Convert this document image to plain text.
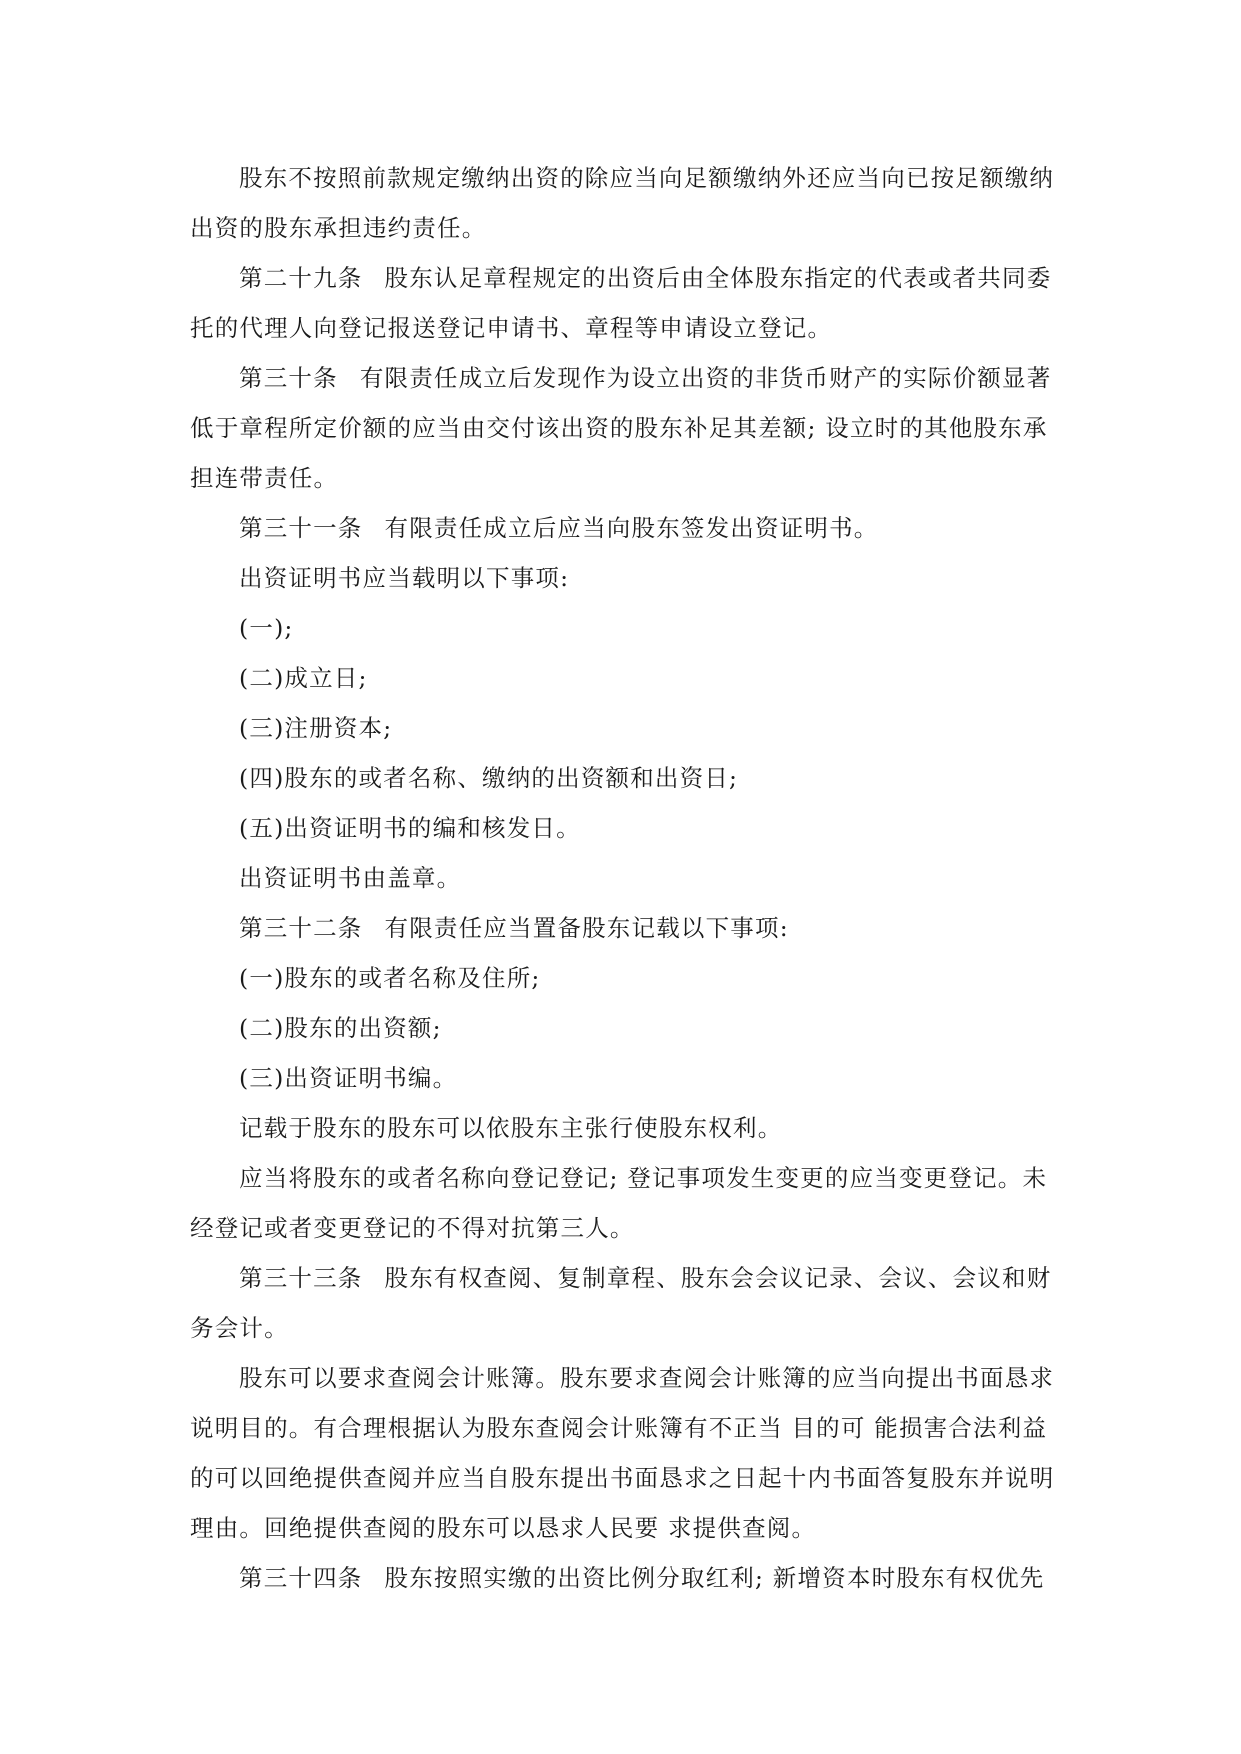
股东不按照前款规定缴纳出资的除应当向足额缴纳外还应当向已按足额缴纳出资的股东承担违约责任。

第二十九条 股东认足章程规定的出资后由全体股东指定的代表或者共同委托的代理人向登记报送登记申请书、章程等申请设立登记。

第三十条 有限责任成立后发现作为设立出资的非货币财产的实际价额显著低于章程所定价额的应当由交付该出资的股东补足其差额; 设立时的其他股东承担连带责任。

第三十一条 有限责任成立后应当向股东签发出资证明书。

出资证明书应当载明以下事项:

(一);

(二)成立日;

(三)注册资本;

(四)股东的或者名称、缴纳的出资额和出资日;

(五)出资证明书的编和核发日。

出资证明书由盖章。

第三十二条 有限责任应当置备股东记载以下事项:

(一)股东的或者名称及住所;

(二)股东的出资额;

(三)出资证明书编。

记载于股东的股东可以依股东主张行使股东权利。

应当将股东的或者名称向登记登记; 登记事项发生变更的应当变更登记。未经登记或者变更登记的不得对抗第三人。

第三十三条 股东有权查阅、复制章程、股东会会议记录、会议、会议和财务会计。

股东可以要求查阅会计账簿。股东要求查阅会计账簿的应当向提出书面恳求说明目的。有合理根据认为股东查阅会计账簿有不正当 目的可 能损害合法利益的可以回绝提供查阅并应当自股东提出书面恳求之日起十内书面答复股东并说明理由。回绝提供查阅的股东可以恳求人民要 求提供查阅。

第三十四条 股东按照实缴的出资比例分取红利; 新增资本时股东有权优先
